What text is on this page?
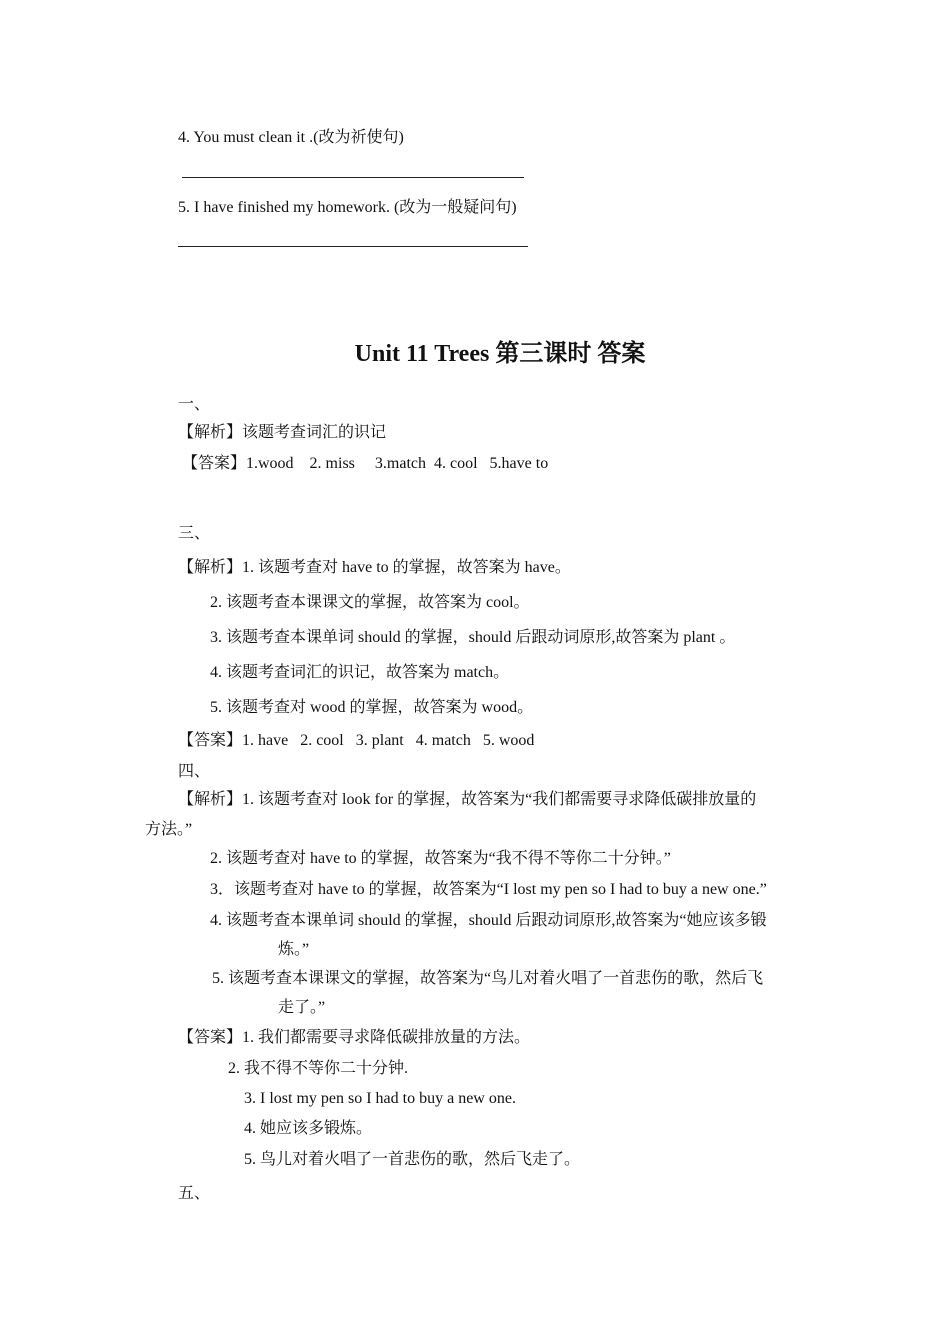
4. You must clean it .(改为祈使句)
5. I have finished my homework. (改为一般疑问句)
Unit 11 Trees 第三课时 答案
一、
【解析】该题考查词汇的识记
【答案】1.wood    2. miss     3.match  4. cool   5.have to
三、
【解析】1. 该题考查对 have to 的掌握，故答案为 have。
2. 该题考查本课课文的掌握，故答案为 cool。
3. 该题考查本课单词 should 的掌握，should 后跟动词原形,故答案为 plant 。
4. 该题考查词汇的识记，故答案为 match。
5. 该题考查对 wood 的掌握，故答案为 wood。
【答案】1. have   2. cool   3. plant   4. match   5. wood
四、
【解析】1. 该题考查对 look for 的掌握，故答案为“我们都需要寻求降低碳排放量的
方法。”
2. 该题考查对 have to 的掌握，故答案为“我不得不等你二十分钟。”
3．该题考查对 have to 的掌握，故答案为“I lost my pen so I had to buy a new one.”
4. 该题考查本课单词 should 的掌握，should 后跟动词原形,故答案为“她应该多锻
炼。”
5. 该题考查本课课文的掌握，故答案为“鸟儿对着火唱了一首悲伤的歌，然后飞
走了。”
【答案】1. 我们都需要寻求降低碳排放量的方法。
2. 我不得不等你二十分钟.
3. I lost my pen so I had to buy a new one.
4. 她应该多锻炼。
5. 鸟儿对着火唱了一首悲伤的歌，然后飞走了。
五、
